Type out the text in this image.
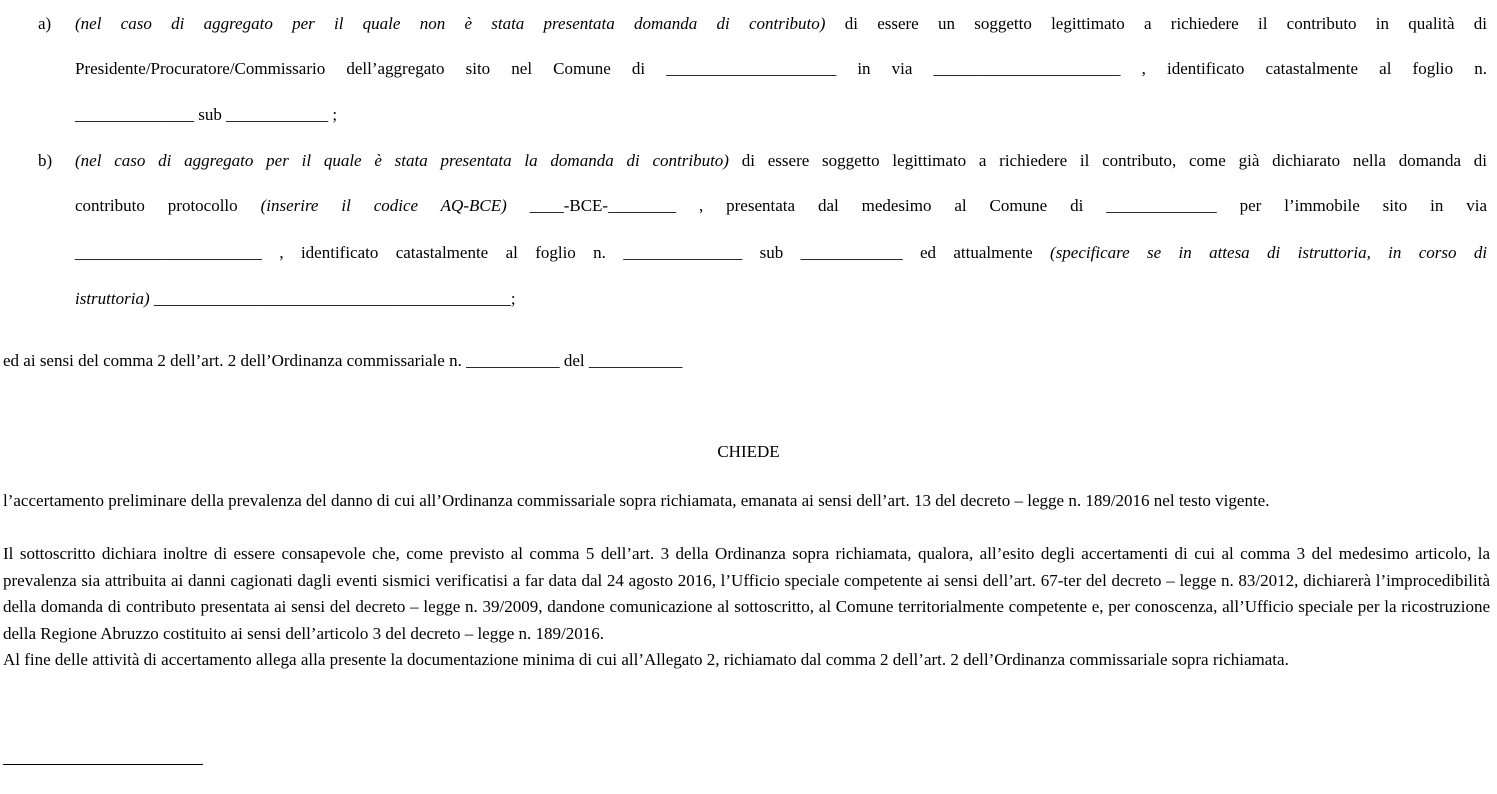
a) (nel caso di aggregato per il quale non è stata presentata domanda di contributo) di essere un soggetto legittimato a richiedere il contributo in qualità di
Presidente/Procuratore/Commissario dell’aggregato sito nel Comune di ____________________ in via ______________________ , identificato catastalmente al foglio n.
______________ sub ____________ ;
b) (nel caso di aggregato per il quale è stata presentata la domanda di contributo) di essere soggetto legittimato a richiedere il contributo, come già dichiarato nella domanda di
contributo protocollo (inserire il codice AQ-BCE) ____-BCE-________ , presentata dal medesimo al Comune di _____________ per l’immobile sito in via
______________________ , identificato catastalmente al foglio n. ______________ sub ____________ ed attualmente (specificare se in attesa di istruttoria, in corso di
istruttoria) __________________________________________;
ed ai sensi del comma 2 dell’art. 2 dell’Ordinanza commissariale n. ___________ del ___________
CHIEDE
l’accertamento preliminare della prevalenza del danno di cui all’Ordinanza commissariale sopra richiamata, emanata ai sensi dell’art. 13 del decreto – legge n. 189/2016 nel testo vigente.
Il sottoscritto dichiara inoltre di essere consapevole che, come previsto al comma 5 dell’art. 3 della Ordinanza sopra richiamata, qualora, all’esito degli accertamenti di cui al comma 3 del medesimo articolo, la prevalenza sia attribuita ai danni cagionati dagli eventi sismici verificatisi a far data dal 24 agosto 2016, l’Ufficio speciale competente ai sensi dell’art. 67-ter del decreto – legge n. 83/2012, dichiarerà l’improcedibilità della domanda di contributo presentata ai sensi del decreto – legge n. 39/2009, dandone comunicazione al sottoscritto, al Comune territorialmente competente e, per conoscenza, all’Ufficio speciale per la ricostruzione della Regione Abruzzo costituito ai sensi dell’articolo 3 del decreto – legge n. 189/2016.
Al fine delle attività di accertamento allega alla presente la documentazione minima di cui all’Allegato 2, richiamato dal comma 2 dell’art. 2 dell’Ordinanza commissariale sopra richiamata.
